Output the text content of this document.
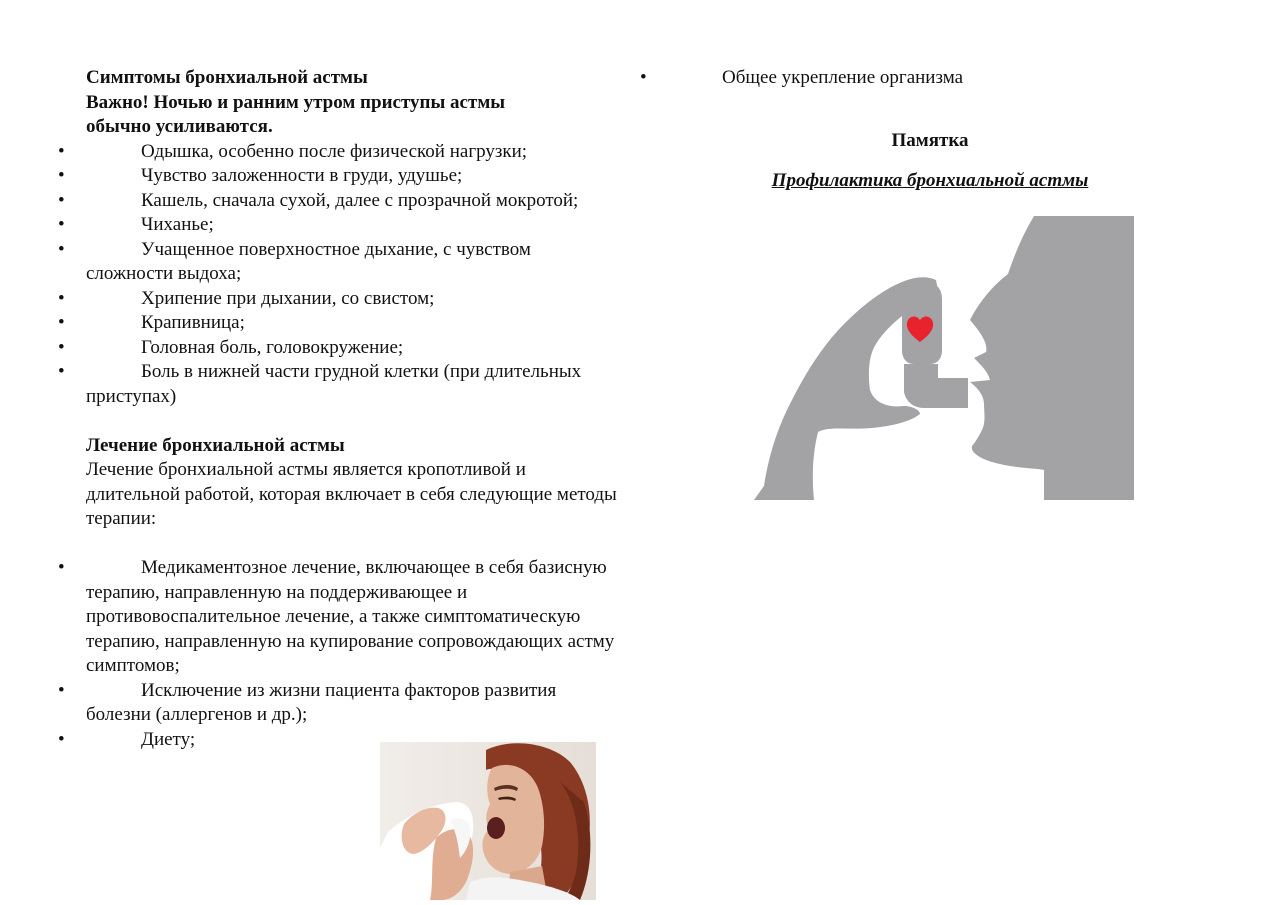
Симптомы бронхиальной астмы
Важно! Ночью и ранним утром приступы астмы
обычно усиливаются.
•	Одышка, особенно после физической нагрузки;
•	Чувство заложенности в груди, удушье;
•	Кашель, сначала сухой, далее с прозрачной мокротой;
•	Чиханье;
•	Учащенное поверхностное дыхание, с чувством сложности выдоха;
•	Хрипение при дыхании, со свистом;
•	Крапивница;
•	Головная боль, головокружение;
•	Боль в нижней части грудной клетки (при длительных приступах)
Лечение бронхиальной астмы
Лечение бронхиальной астмы является кропотливой и длительной работой, которая включает в себя следующие методы терапии:
•	Медикаментозное лечение, включающее в себя базисную терапию, направленную на поддерживающее и противовоспалительное лечение, а также симптоматическую терапию, направленную на купирование сопровождающих астму симптомов;
•	Исключение из жизни пациента факторов развития болезни (аллергенов и др.);
•	Диету;
•	Общее укрепление организма
Памятка
Профилактика бронхиальной астмы
